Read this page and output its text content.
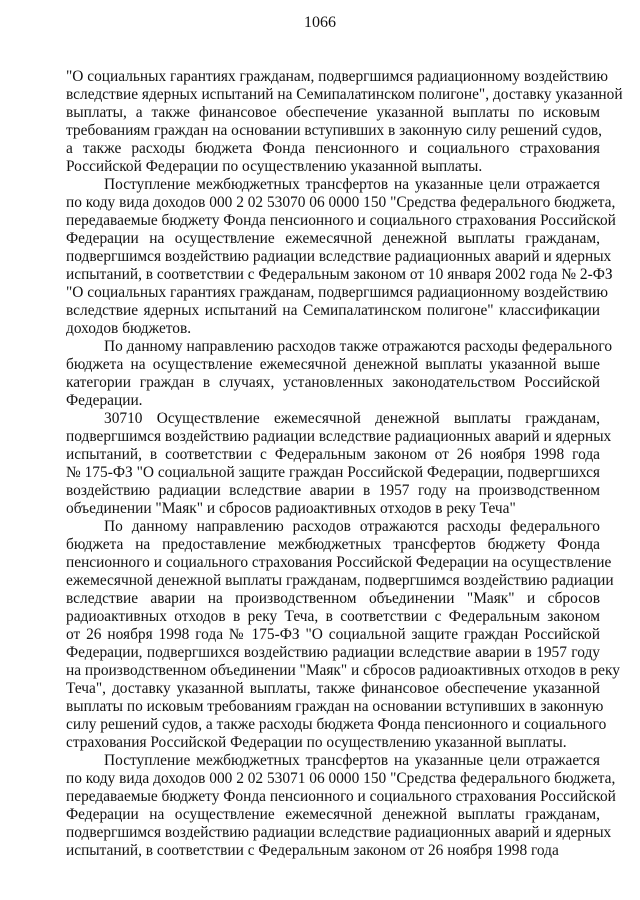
1066

"О социальных гарантиях гражданам, подвергшимся радиационному воздействию
вследствие ядерных испытаний на Семипалатинском полигоне", доставку указанной
выплаты, а также финансовое обеспечение указанной выплаты по исковым
требованиям граждан на основании вступивших в законную силу решений судов,
а также расходы бюджета Фонда пенсионного и социального страхования
Российской Федерации по осуществлению указанной выплаты.

Поступление межбюджетных трансфертов на указанные цели отражается
по коду вида доходов 000 2 02 53070 06 0000 150 "Средства федерального бюджета,
передаваемые бюджету Фонда пенсионного и социального страхования Российской
Федерации на осуществление ежемесячной денежной выплаты гражданам,
подвергшимся воздействию радиации вследствие радиационных аварий и ядерных
испытаний, в соответствии с Федеральным законом от 10 января 2002 года № 2-ФЗ
"О социальных гарантиях гражданам, подвергшимся радиационному воздействию
вследствие ядерных испытаний на Семипалатинском полигоне" классификации
доходов бюджетов.

По данному направлению расходов также отражаются расходы федерального
бюджета на осуществление ежемесячной денежной выплаты указанной выше
категории граждан в случаях, установленных законодательством Российской
Федерации.

30710 Осуществление ежемесячной денежной выплаты гражданам,
подвергшимся воздействию радиации вследствие радиационных аварий и ядерных
испытаний, в соответствии с Федеральным законом от 26 ноября 1998 года
№ 175-ФЗ "О социальной защите граждан Российской Федерации, подвергшихся
воздействию радиации вследствие аварии в 1957 году на производственном
объединении "Маяк" и сбросов радиоактивных отходов в реку Теча"

По данному направлению расходов отражаются расходы федерального
бюджета на предоставление межбюджетных трансфертов бюджету Фонда
пенсионного и социального страхования Российской Федерации на осуществление
ежемесячной денежной выплаты гражданам, подвергшимся воздействию радиации
вследствие аварии на производственном объединении "Маяк" и сбросов
радиоактивных отходов в реку Теча, в соответствии с Федеральным законом
от 26 ноября 1998 года № 175-ФЗ "О социальной защите граждан Российской
Федерации, подвергшихся воздействию радиации вследствие аварии в 1957 году
на производственном объединении "Маяк" и сбросов радиоактивных отходов в реку
Теча", доставку указанной выплаты, также финансовое обеспечение указанной
выплаты по исковым требованиям граждан на основании вступивших в законную
силу решений судов, а также расходы бюджета Фонда пенсионного и социального
страхования Российской Федерации по осуществлению указанной выплаты.

Поступление межбюджетных трансфертов на указанные цели отражается
по коду вида доходов 000 2 02 53071 06 0000 150 "Средства федерального бюджета,
передаваемые бюджету Фонда пенсионного и социального страхования Российской
Федерации на осуществление ежемесячной денежной выплаты гражданам,
подвергшимся воздействию радиации вследствие радиационных аварий и ядерных
испытаний, в соответствии с Федеральным законом от 26 ноября 1998 года
